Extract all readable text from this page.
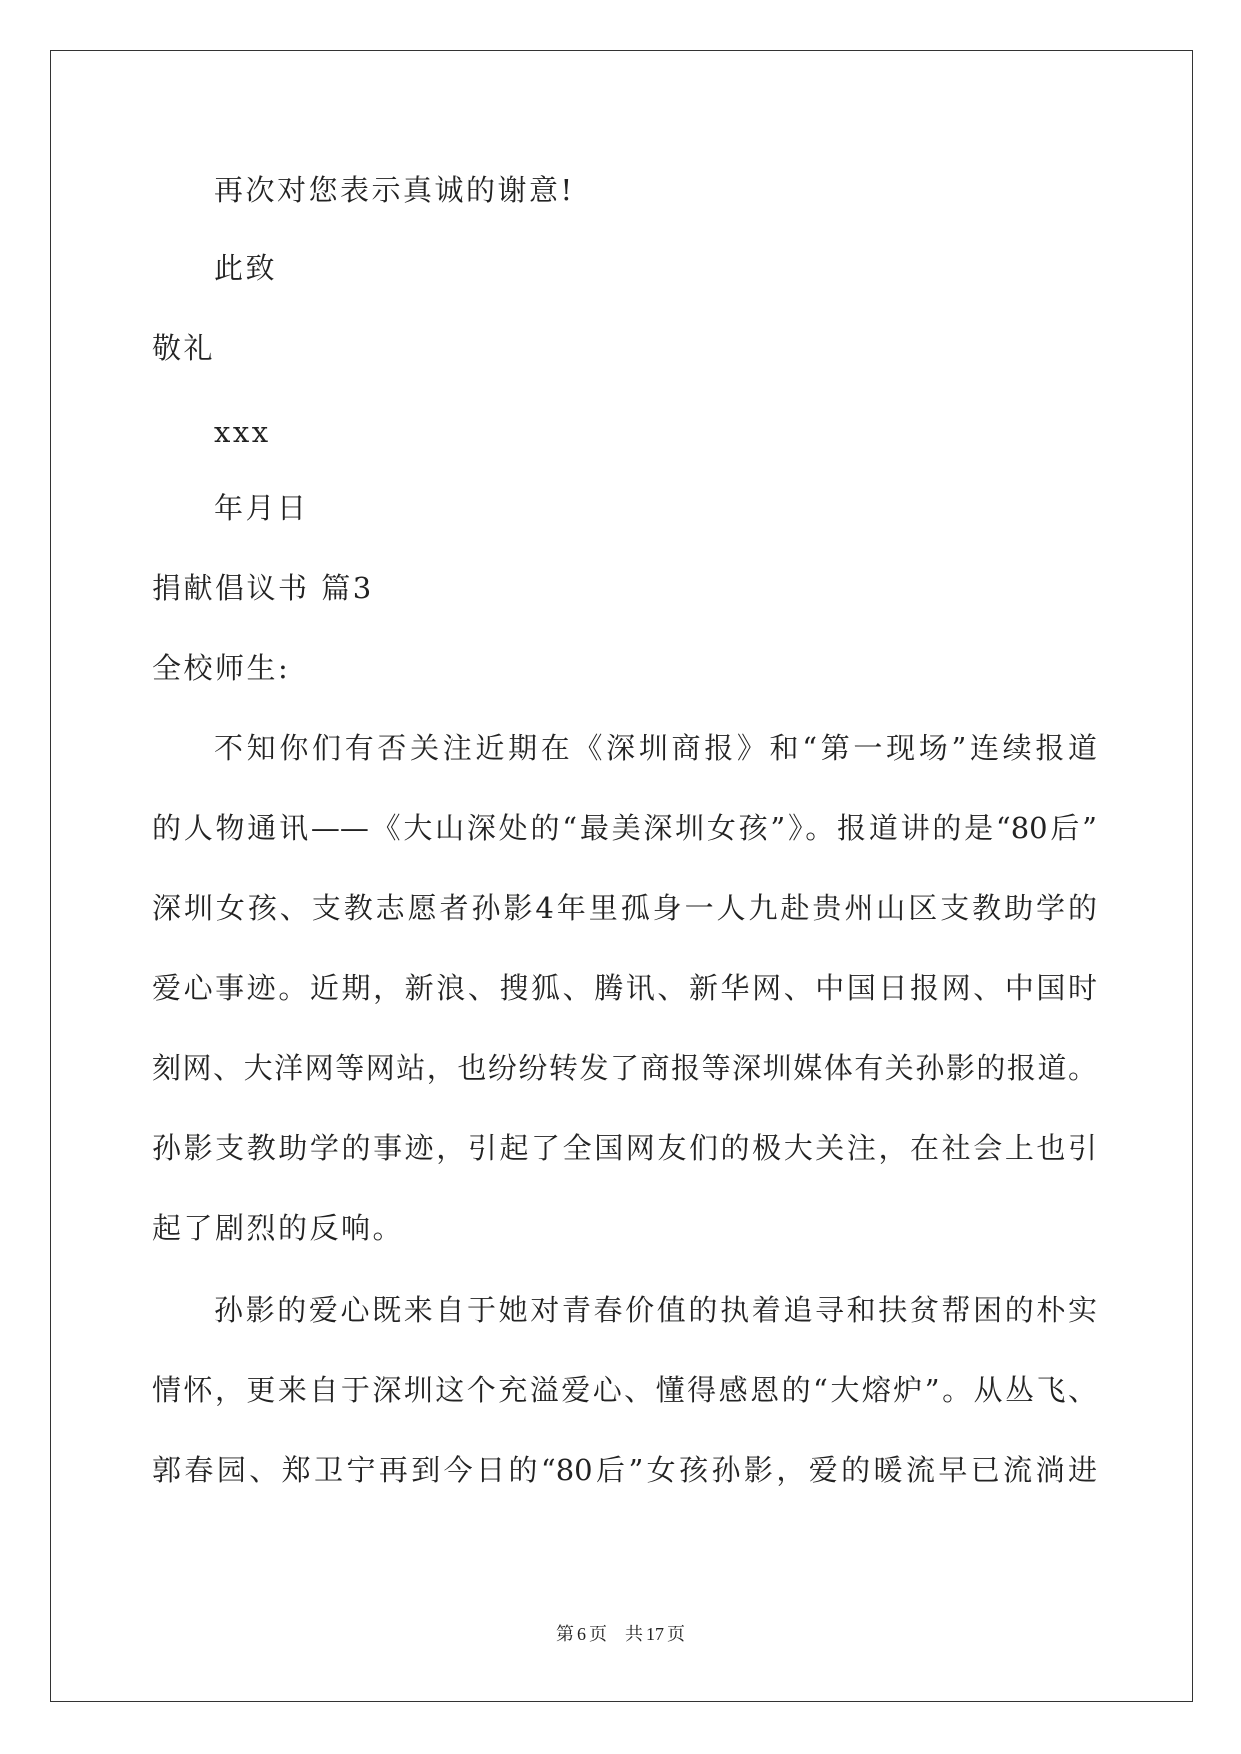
再次对您表示真诚的谢意!
此致
敬礼
xxx
年月日
捐献倡议书 篇3
全校师生:
不知你们有否关注近期在《深圳商报》和“第一现场”连续报道
的人物通讯——《大山深处的“最美深圳女孩”》。报道讲的是“80后”
深圳女孩、支教志愿者孙影4年里孤身一人九赴贵州山区支教助学的
爱心事迹。近期，新浪、搜狐、腾讯、新华网、中国日报网、中国时
刻网、大洋网等网站，也纷纷转发了商报等深圳媒体有关孙影的报道。
孙影支教助学的事迹，引起了全国网友们的极大关注，在社会上也引
起了剧烈的反响。
孙影的爱心既来自于她对青春价值的执着追寻和扶贫帮困的朴实
情怀，更来自于深圳这个充溢爱心、懂得感恩的“大熔炉”。从丛飞、
郭春园、郑卫宁再到今日的“80后”女孩孙影，爱的暖流早已流淌进
第 6 页 共 17 页
